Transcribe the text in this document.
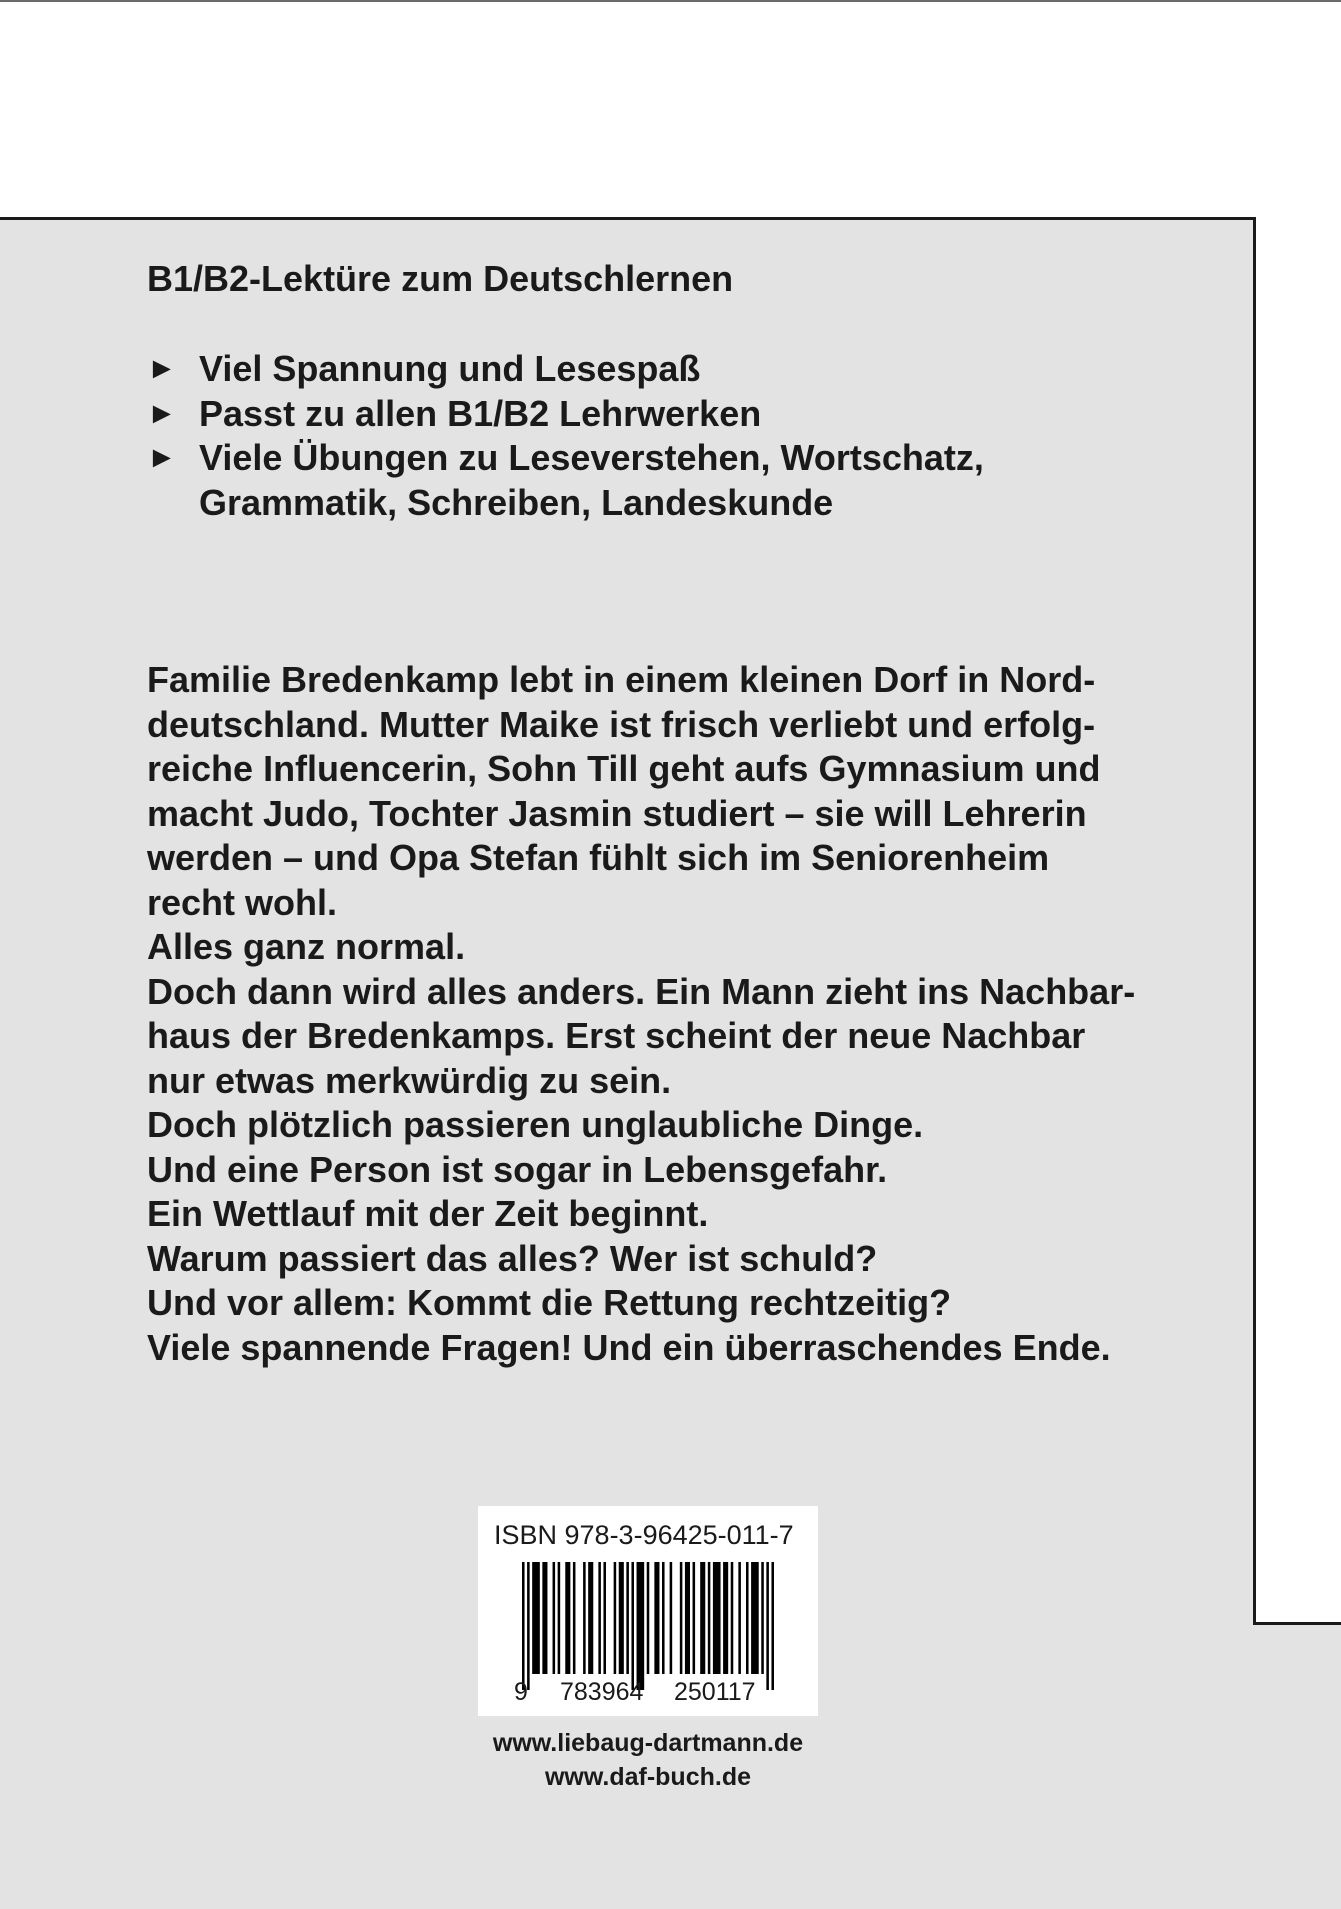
B1/B2-Lektüre zum Deutschlernen
► Viel Spannung und Lesespaß
► Passt zu allen B1/B2 Lehrwerken
► Viele Übungen zu Leseverstehen, Wortschatz,
Grammatik, Schreiben, Landeskunde
Familie Bredenkamp lebt in einem kleinen Dorf in Nord-
deutschland. Mutter Maike ist frisch verliebt und erfolg-
reiche Influencerin, Sohn Till geht aufs Gymnasium und
macht Judo, Tochter Jasmin studiert – sie will Lehrerin
werden – und Opa Stefan fühlt sich im Seniorenheim
recht wohl.
Alles ganz normal.
Doch dann wird alles anders. Ein Mann zieht ins Nachbar-
haus der Bredenkamps. Erst scheint der neue Nachbar
nur etwas merkwürdig zu sein.
Doch plötzlich passieren unglaubliche Dinge.
Und eine Person ist sogar in Lebensgefahr.
Ein Wettlauf mit der Zeit beginnt.
Warum passiert das alles? Wer ist schuld?
Und vor allem: Kommt die Rettung rechtzeitig?
Viele spannende Fragen! Und ein überraschendes Ende.
ISBN 978-3-96425-011-7
9 783964 250117
www.liebaug-dartmann.de
www.daf-buch.de
